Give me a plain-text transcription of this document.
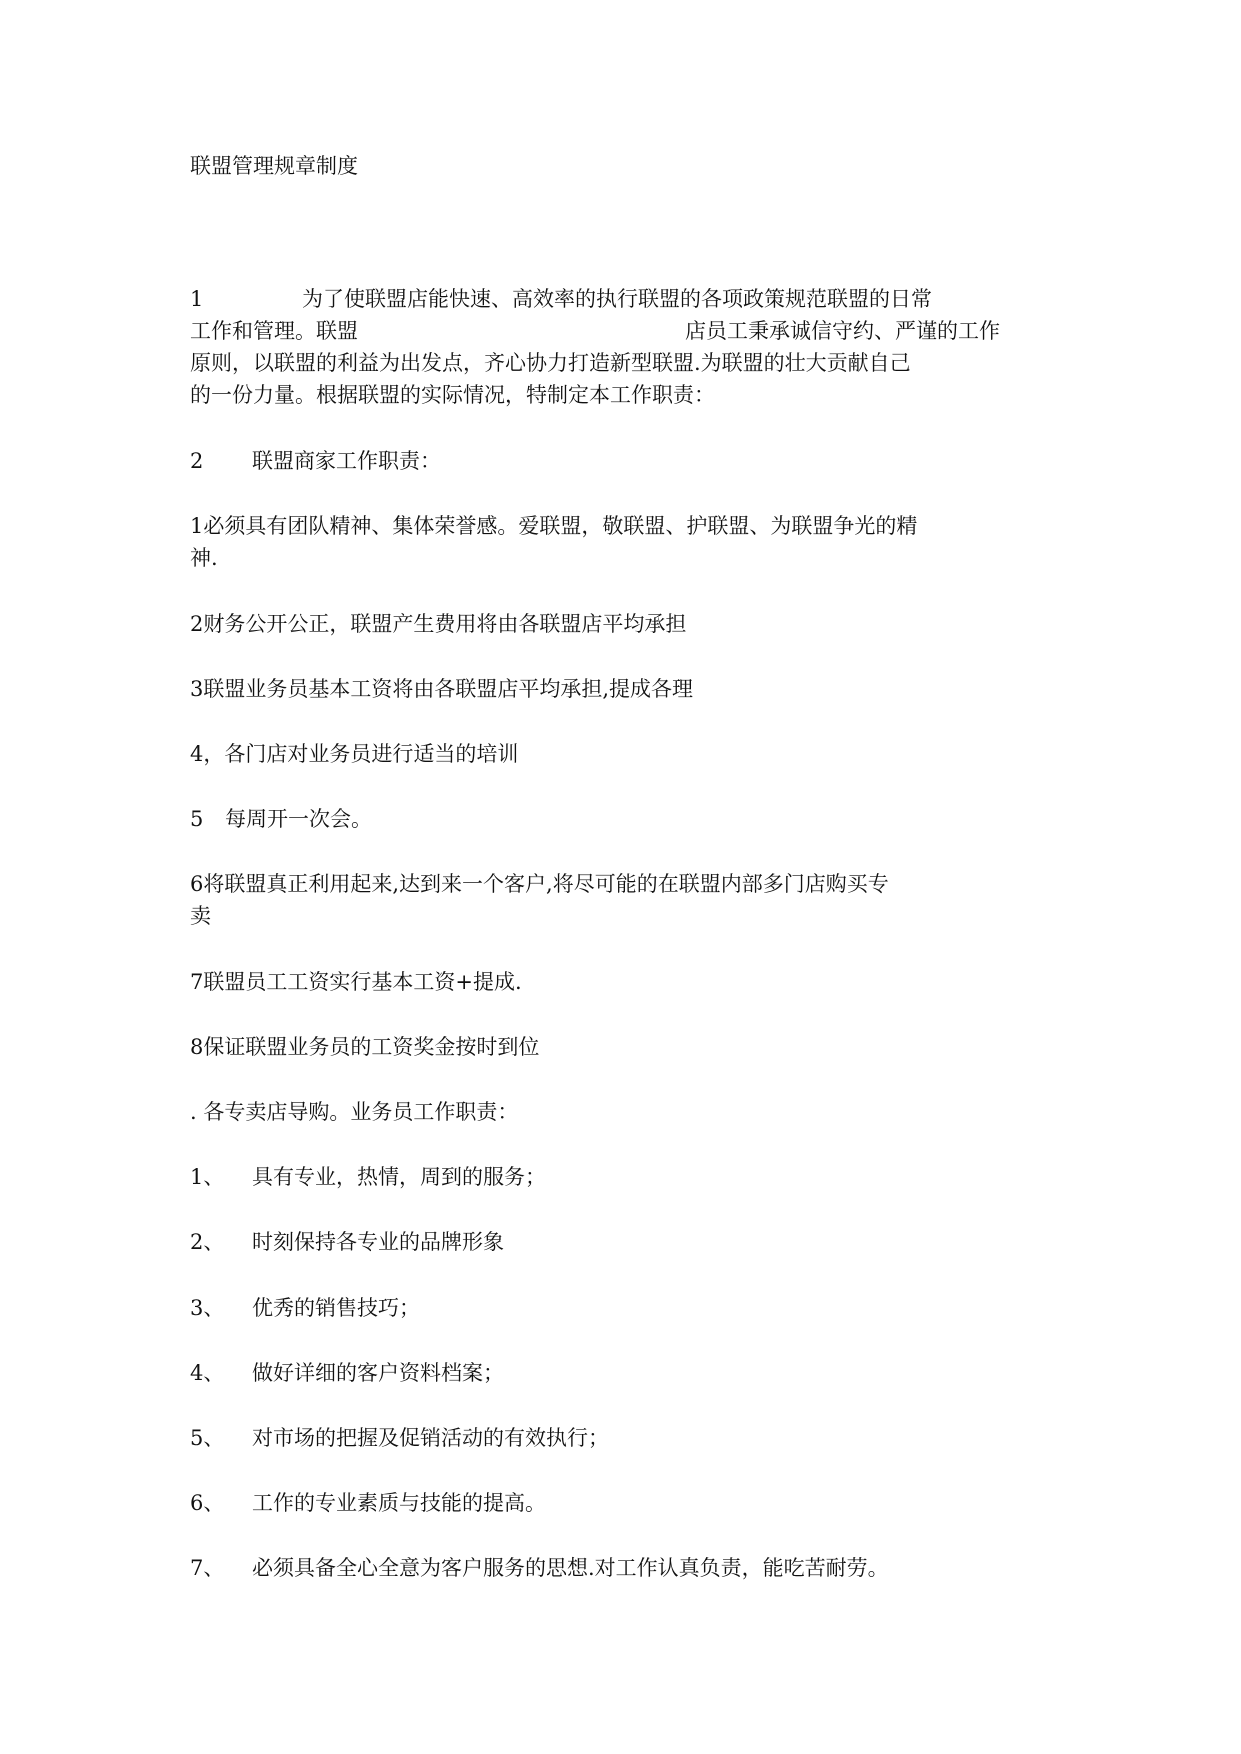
联盟管理规章制度
1	为了使联盟店能快速、高效率的执行联盟的各项政策规范联盟的日常
工作和管理。联盟	店员工秉承诚信守约、严谨的工作
原则，以联盟的利益为出发点，齐心协力打造新型联盟.为联盟的壮大贡献自己
的一份力量。根据联盟的实际情况，特制定本工作职责：
2 联盟商家工作职责：
1必须具有团队精神、集体荣誉感。爱联盟，敬联盟、护联盟、为联盟争光的精
神.
2财务公开公正，联盟产生费用将由各联盟店平均承担
3联盟业务员基本工资将由各联盟店平均承担,提成各理
4，各门店对业务员进行适当的培训
5 每周开一次会。
6将联盟真正利用起来,达到来一个客户,将尽可能的在联盟内部多门店购买专
卖
7联盟员工工资实行基本工资+提成.
8保证联盟业务员的工资奖金按时到位
. 各专卖店导购。业务员工作职责：
1、 具有专业，热情，周到的服务；
2、 时刻保持各专业的品牌形象
3、 优秀的销售技巧；
4、 做好详细的客户资料档案；
5、 对市场的把握及促销活动的有效执行；
6、 工作的专业素质与技能的提高。
7、 必须具备全心全意为客户服务的思想.对工作认真负责，能吃苦耐劳。
